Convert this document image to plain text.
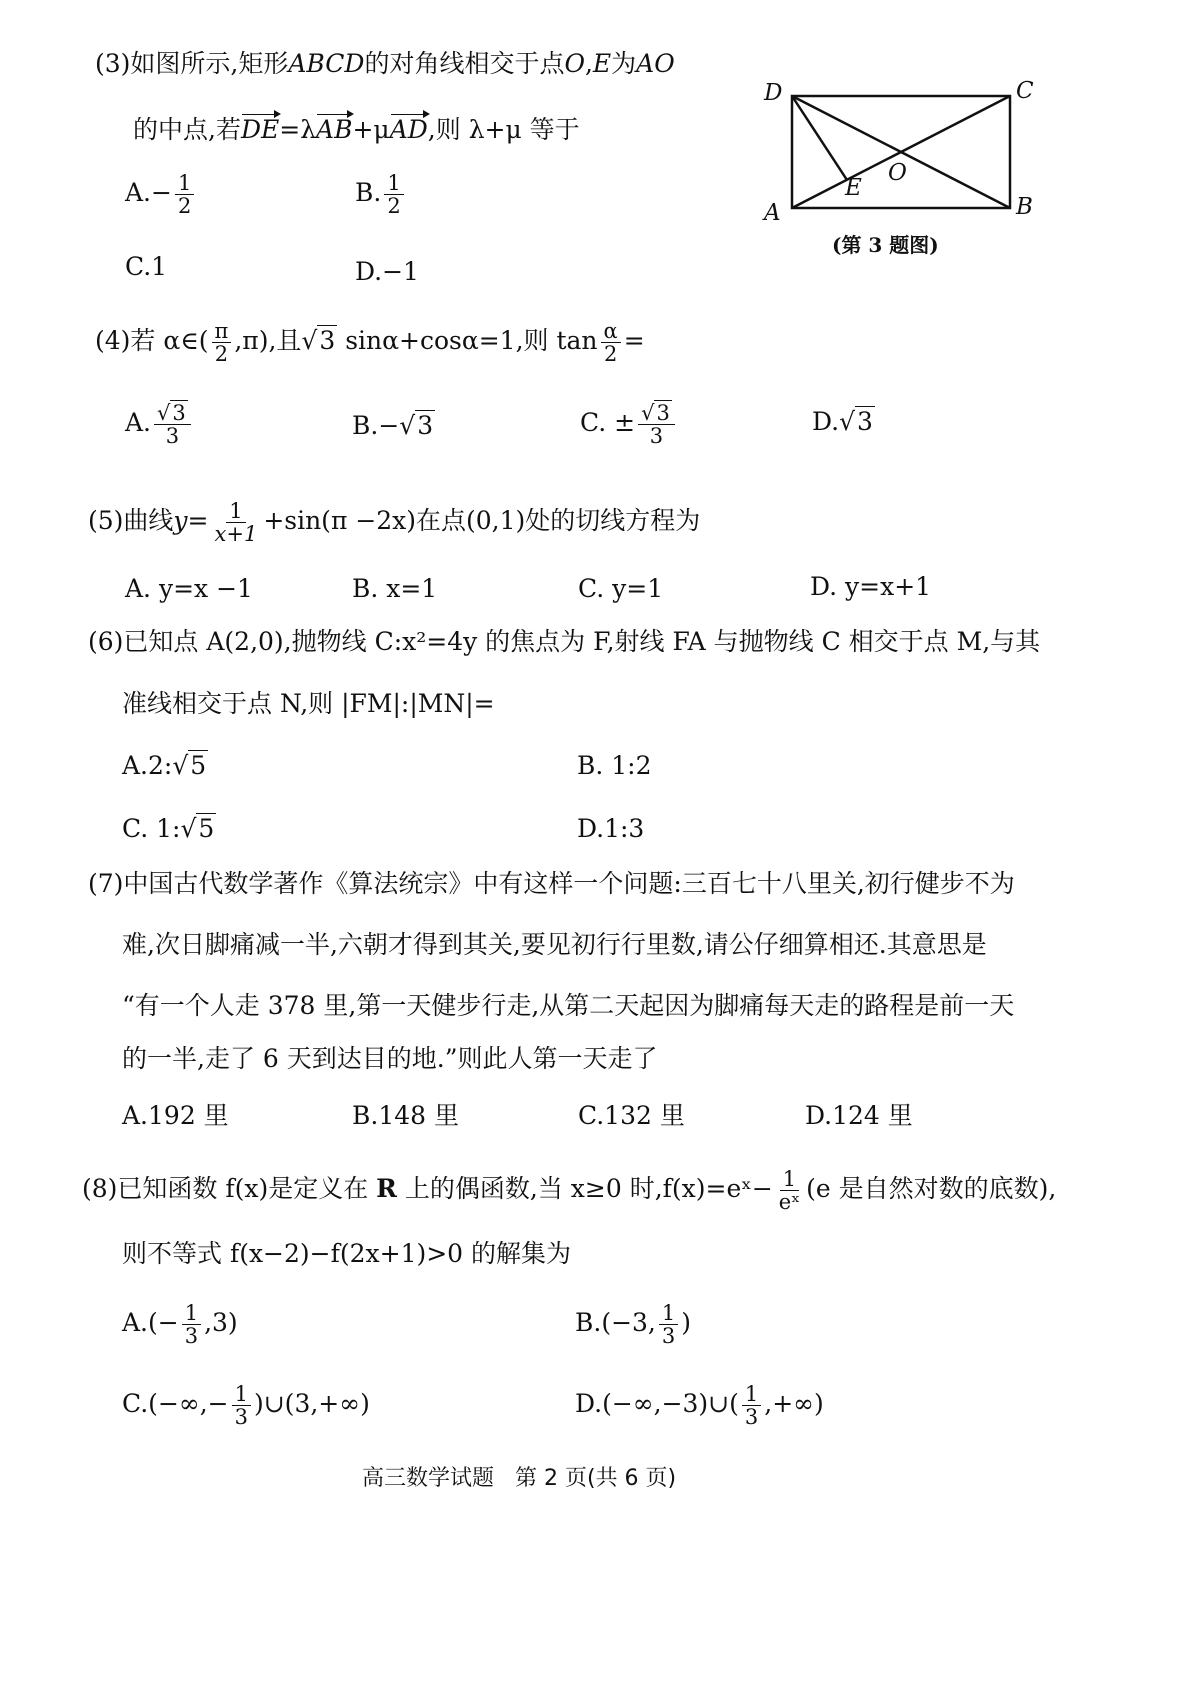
(3)如图所示,矩形ABCD的对角线相交于点O,E为AO
的中点,若DE=λAB+μAD,则 λ+μ 等于
$A.- \frac{1}{2}$	B. $\frac{1}{2}$
C.1	D.−1
D	C
A	B
O
E
(第 3 题图)
(4)若 α∈( $\frac{\pi}{2} ,\pi$),且√3 sinα+cosα=1,则 $\tan \frac{\alpha}{2}$ =
A. $\frac{√3}{3}$	B.−√3	C. ± $\frac{√3}{3}$	D.√3
(5)曲线$y= \frac{1}{x+1} +\sin(\pi -2x)$在点(0,1)处的切线方程为
A. y=x −1	B. x=1	C. y=1	D. y=x+1
(6)已知点 A(2,0),抛物线 C:x²=4y 的焦点为 F,射线 FA 与抛物线 C 相交于点 M,与其
准线相交于点 N,则 |FM|:|MN|=
A.2:√5	B. 1:2
C. 1:√5	D.1:3
(7)中国古代数学著作《算法统宗》中有这样一个问题:三百七十八里关,初行健步不为
难,次日脚痛减一半,六朝才得到其关,要见初行行里数,请公仔细算相还.其意思是
“有一个人走 378 里,第一天健步行走,从第二天起因为脚痛每天走的路程是前一天
的一半,走了 6 天到达目的地.”则此人第一天走了
A.192 里	B.148 里	C.132 里	D.124 里
(8)已知函数 f(x)是定义在 R 上的偶函数,当 x≥0 时,f(x)=eˣ− $\frac{1}{\text{eˣ}} (e$ 是自然对数的底数),
则不等式 f(x−2)−f(2x+1)>0 的解集为
$A.(- \frac{1}{3} ,3)$	B.(−3, $\frac{1}{3}$ )
$C.(-\infty,- \frac{1}{3}$ )∪(3,+∞)	D.(−∞,−3)∪( $\frac{1}{3}$ ,+∞)
高三数学试题 第 2 页(共 6 页)
